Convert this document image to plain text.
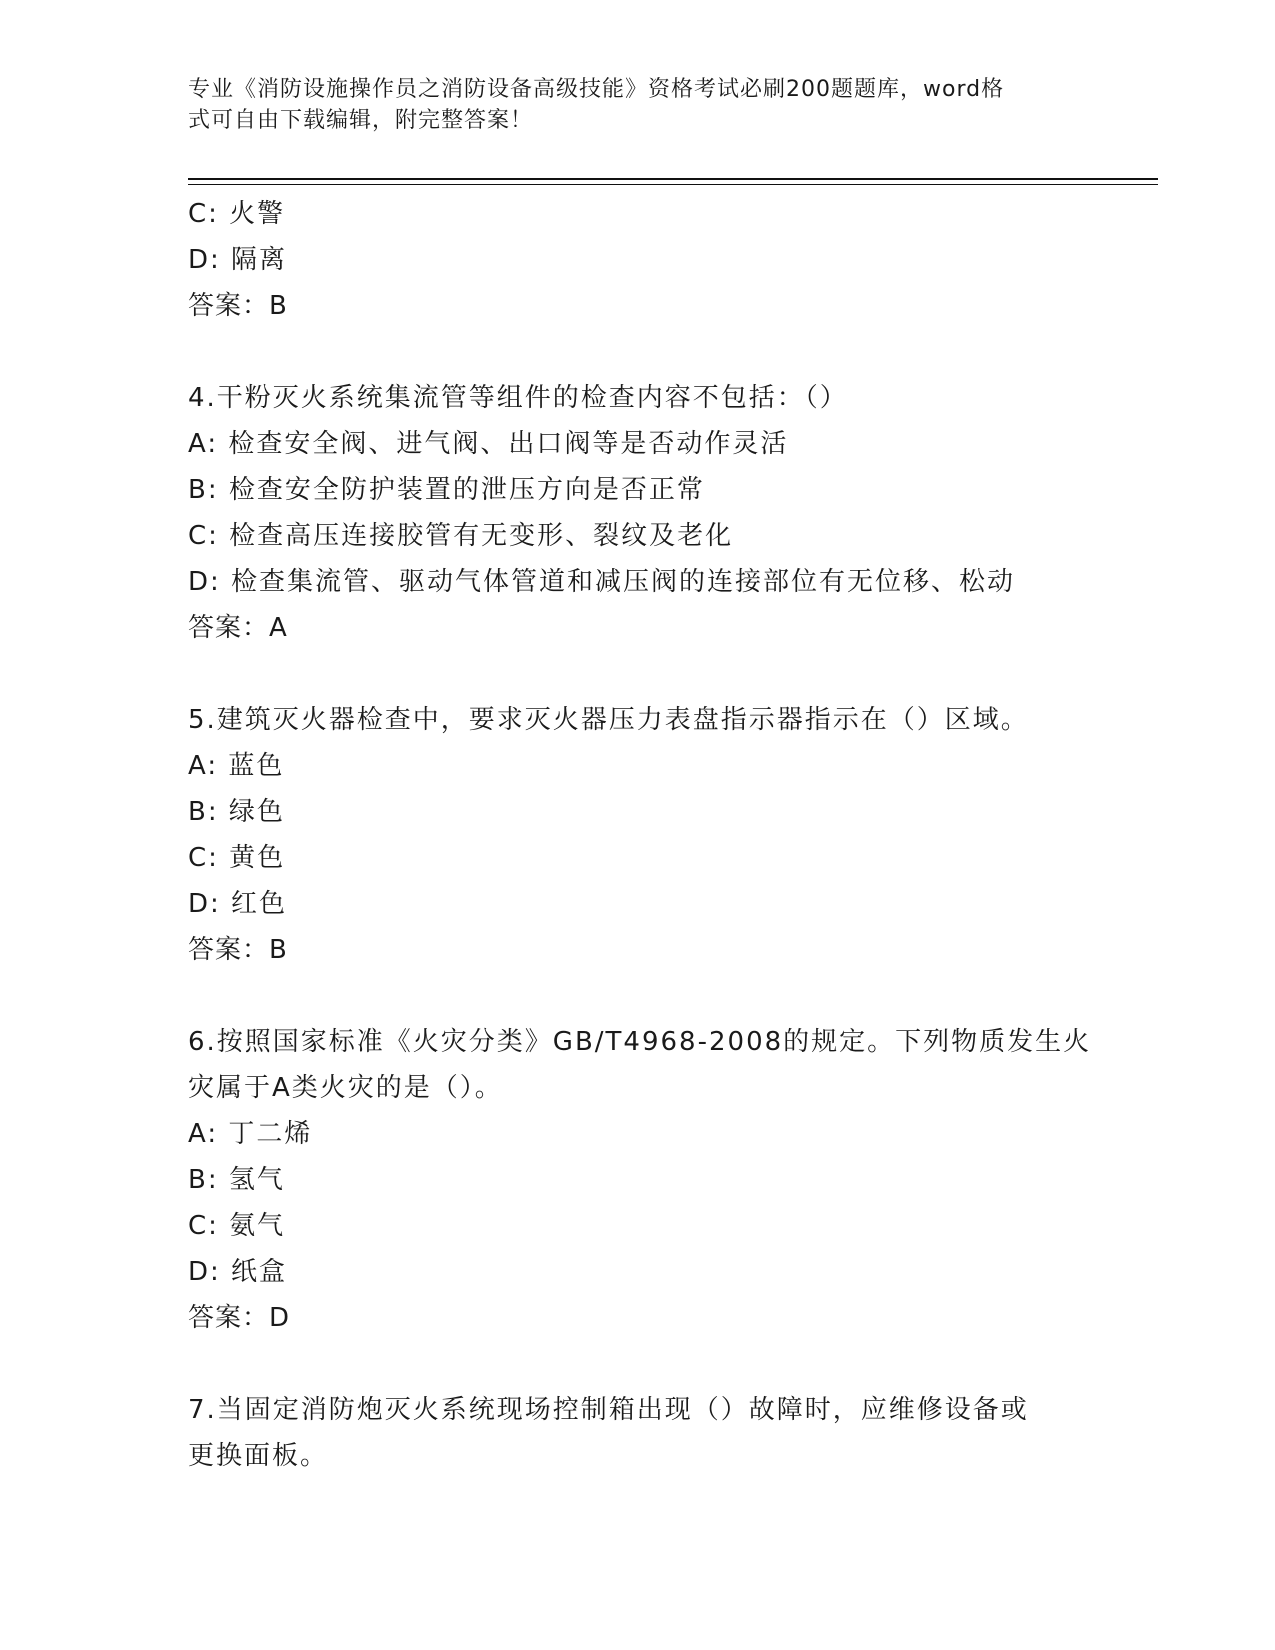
专业《消防设施操作员之消防设备高级技能》资格考试必刷200题题库，word格
式可自由下载编辑，附完整答案！
C: 火警
D: 隔离
答案：B
4.干粉灭火系统集流管等组件的检查内容不包括：（）
A: 检查安全阀、进气阀、出口阀等是否动作灵活
B: 检查安全防护装置的泄压方向是否正常
C: 检查高压连接胶管有无变形、裂纹及老化
D: 检查集流管、驱动气体管道和减压阀的连接部位有无位移、松动
答案：A
5.建筑灭火器检查中，要求灭火器压力表盘指示器指示在（）区域。
A: 蓝色
B: 绿色
C: 黄色
D: 红色
答案：B
6.按照国家标准《火灾分类》GB/T4968-2008的规定。下列物质发生火
灾属于A类火灾的是（）。
A: 丁二烯
B: 氢气
C: 氨气
D: 纸盒
答案：D
7.当固定消防炮灭火系统现场控制箱出现（）故障时，应维修设备或
更换面板。
